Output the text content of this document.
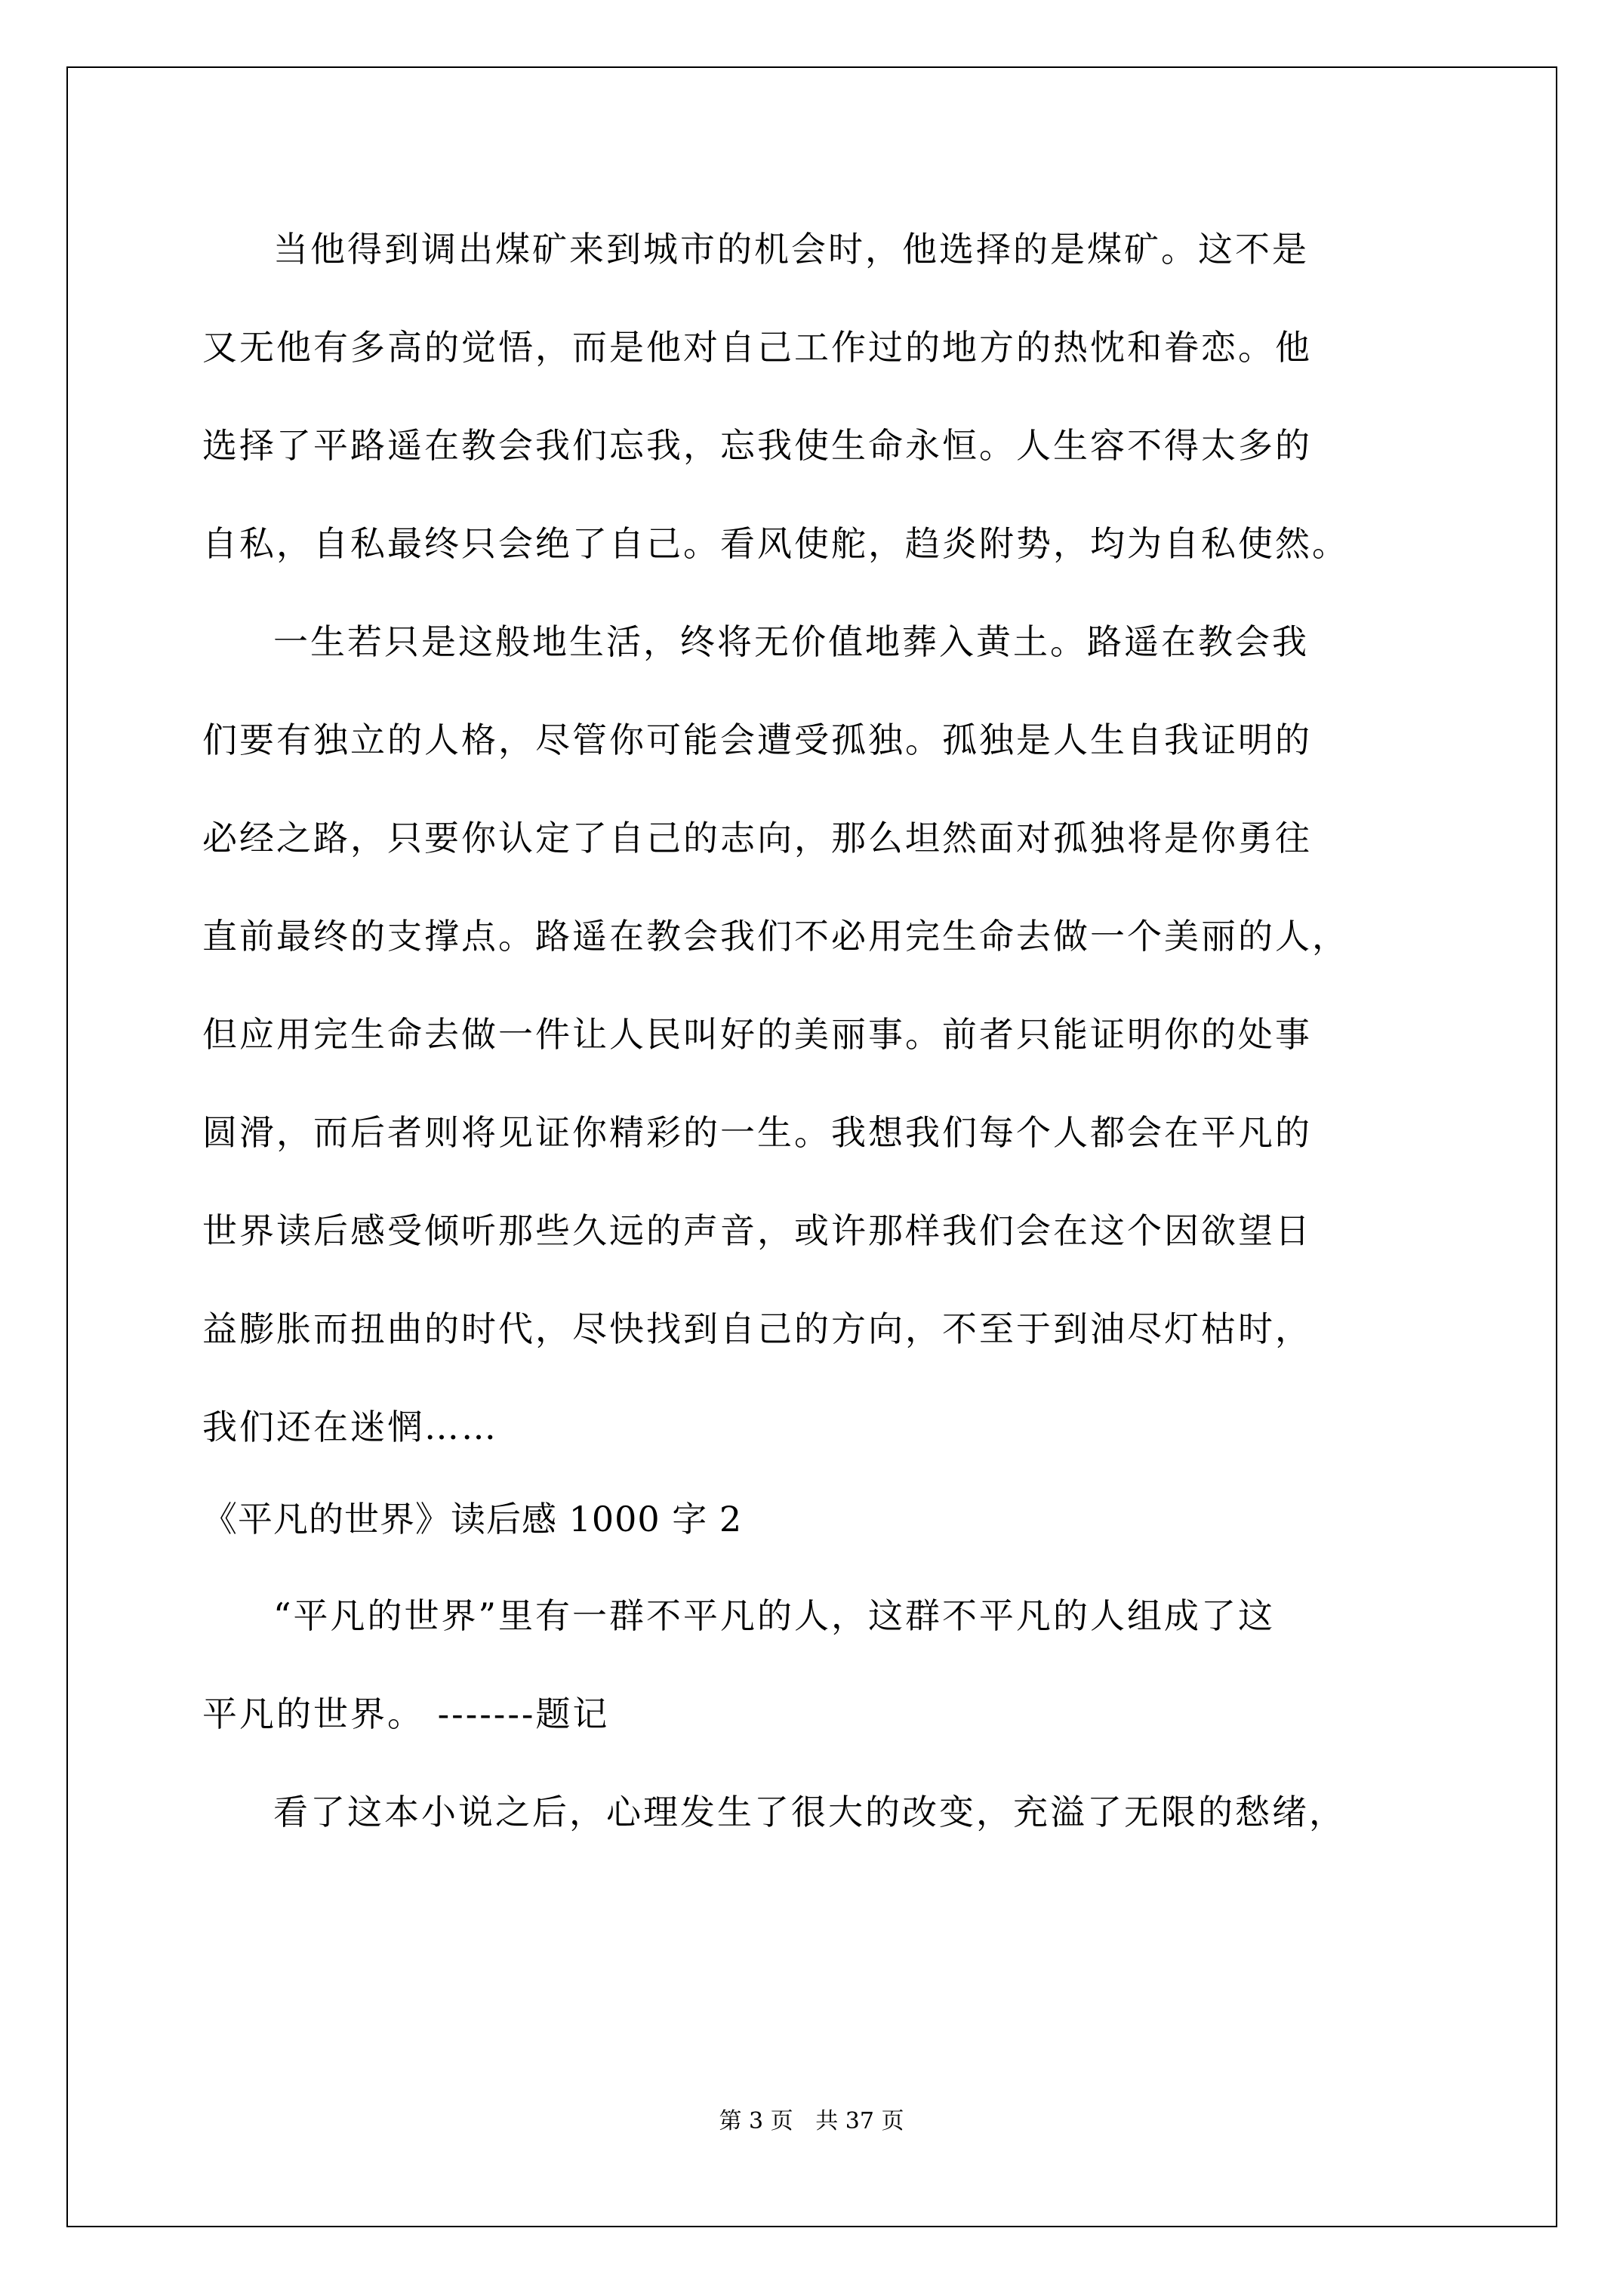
当他得到调出煤矿来到城市的机会时，他选择的是煤矿。这不是
又无他有多高的觉悟，而是他对自己工作过的地方的热忱和眷恋。他
选择了平路遥在教会我们忘我，忘我使生命永恒。人生容不得太多的
自私，自私最终只会绝了自己。看风使舵，趋炎附势，均为自私使然。
一生若只是这般地生活，终将无价值地葬入黄土。路遥在教会我
们要有独立的人格，尽管你可能会遭受孤独。孤独是人生自我证明的
必经之路，只要你认定了自己的志向，那么坦然面对孤独将是你勇往
直前最终的支撑点。路遥在教会我们不必用完生命去做一个美丽的人，
但应用完生命去做一件让人民叫好的美丽事。前者只能证明你的处事
圆滑，而后者则将见证你精彩的一生。我想我们每个人都会在平凡的
世界读后感受倾听那些久远的声音，或许那样我们会在这个因欲望日
益膨胀而扭曲的时代，尽快找到自己的方向，不至于到油尽灯枯时，
我们还在迷惘……
《平凡的世界》读后感 1000 字 2
“平凡的世界”里有一群不平凡的人，这群不平凡的人组成了这
平凡的世界。 -------题记
看了这本小说之后，心理发生了很大的改变，充溢了无限的愁绪，
第 3 页 共 37 页
